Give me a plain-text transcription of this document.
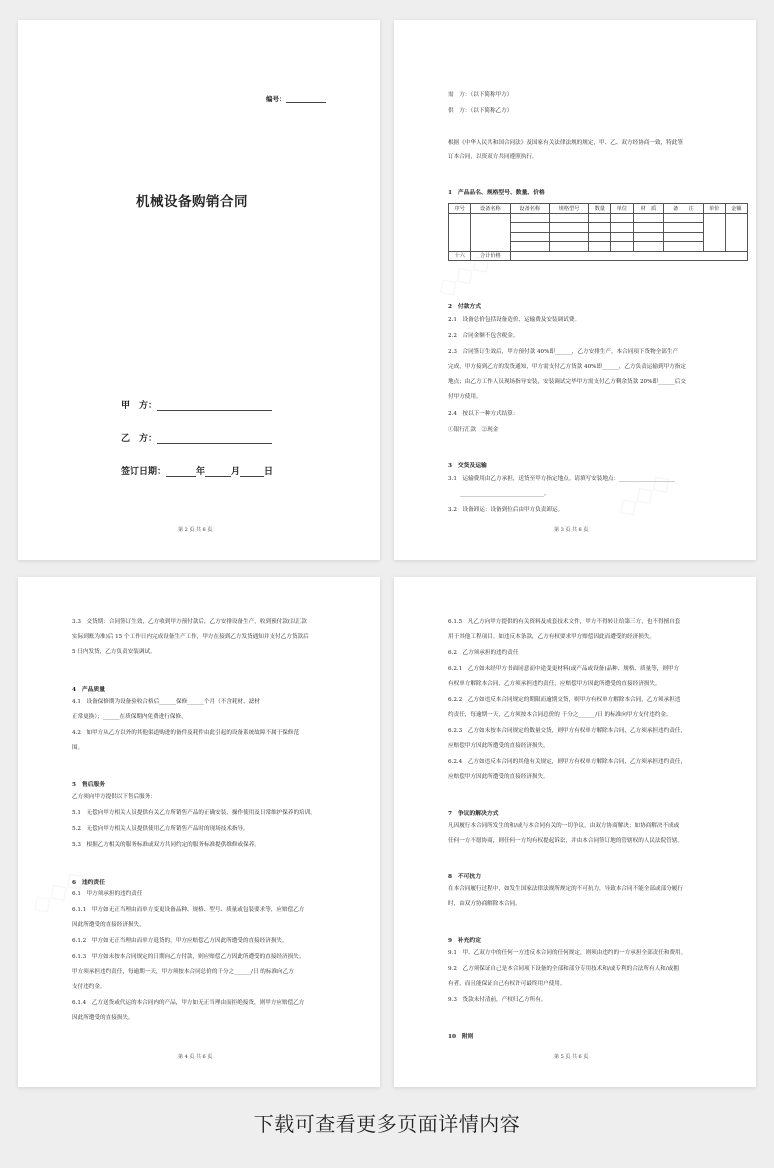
编号：
机械设备购销合同
甲　方：
乙　方：
签订日期：	年	月	日
第 2 页 共 6 页
需　方：（以下简称甲方）
供　方：（以下简称乙方）
根据《中华人民共和国合同法》及国家有关法律法规的规定，甲、乙、双方经协商一致，特此签
订本合同，以资双方共同遵照执行。
1　产品品名、规格型号、数量、价格
序号	设备名称	设备名称	规格型号	数量	单位	材　质	备　　注	单价	金额

十六	合计价格								
2　付款方式
2.1　设备总价包括设备造价、运输费及安装调试费。
2.2　合同金额不包含税金。
2.3　合同签订生效后，甲方预付款 40%即______，乙方安排生产，本合同项下货物全部生产
完成，甲方接到乙方的发货通知，甲方需支付乙方货款 40%即______，乙方负责运输到甲方指定
地点；由乙方工作人员现场指导安装，安装调试完毕甲方需支付乙方剩余货款 20%即______后交
付甲方使用。
2.4　按以下一种方式结算：
①银行汇款　②现金
3　交货及运输
3.1　运输费用由乙方承担，送货至甲方指定地点。请填写安装地点：____________________
______________________________。
3.2　设备卸运：设备到位后由甲方负责卸运。
第 3 页 共 6 页
3.3　交货期：合同签订生效，乙方收到甲方预付款后，乙方安排设备生产，收到预付款(以汇款
实际到账为准)后 15 个工作日内完成设备生产工作，甲方在接到乙方发货通知并支付乙方货款后
5 日内发货，乙方负责安装调试。
4　产品质量
4.1　设备保修期为设备验收合格后______保修______个月（不含耗材、滤材
正常更换）；______在质保期内免费进行保修。
4.2　如甲方从乙方以外的其他渠道购进的备件及耗件由此引起的设备系统故障不属于保修范
围。
5　售后服务
乙方须向甲方提供以下售后服务：
5.1　无偿向甲方相关人员提供有关乙方所销售产品的正确安装、操作使用及日常维护保养的培训。
5.2　无偿向甲方相关人员提供使用乙方所销售产品时的现场技术指导。
5.3　根据乙方相关的服务标准或双方共同约定的服务标准提供维修或保养。
6　违约责任
6.1　甲方须承担的违约责任
6.1.1　甲方如无正当理由而单方变更设备品种、规格、型号、质量或包装要求等，应赔偿乙方
因此所遭受的直接经济损失。
6.1.2　甲方如无正当理由而单方退货的，甲方应赔偿乙方因此所遭受的直接经济损失。
6.1.3　甲方如未按本合同规定的日期向乙方付款，则应赔偿乙方因此所遭受的直接经济损失；
甲方须承担违约责任，每逾期一天，甲方须按本合同总价的千分之______/日 的标准向乙方
支付违约金。
6.1.4　乙方送货或代运的本合同内的产品，甲方如无正当理由而拒绝接货，则甲方应赔偿乙方
因此所遭受的直接损失。
第 4 页 共 6 页
6.1.5　凡乙方向甲方提供的有关资料及成套技术文件，甲方不得转让给第三方，也不得擅自套
用于其他工程项目。如违反本条款，乙方有权要求甲方赔偿因此而遭受的经济损失。
6.2　乙方须承担的违约责任
6.2.1　乙方如未经甲方书面同意而中途变更材料(或产品或设备)品种、规格、质量等，则甲方
有权单方解除本合同，乙方须承担违约责任，应赔偿甲方因此所遭受的直接经济损失。
6.2.2　乙方如违反本合同规定的期限而逾期交货，则甲方有权单方解除本合同，乙方须承担违
约责任，每逾期一天，乙方须按本合同总价的 千分之______/日 的标准向甲方支付违约金。
6.2.3　乙方如未按本合同规定的数量交货，则甲方有权单方解除本合同，乙方须承担违约责任，
应赔偿甲方因此所遭受的直接经济损失。
6.2.4　乙方如违反本合同的其他有关规定，则甲方有权单方解除本合同，乙方须承担违约责任，
应赔偿甲方因此所遭受的直接经济损失。
7　争议的解决方式
凡因履行本合同所发生的和/或与本合同有关的一切争议，由双方协商解决；如协商解决不成或
任何一方不愿协商，则任何一方均有权提起诉讼，并由本合同签订地的管辖权的人民法院管辖。
8　不可抗力
在本合同履行过程中，如发生国家法律法规所规定的不可抗力，导致本合同不能全部或部分履行
时，由双方协商解除本合同。
9　补充约定
9.1　甲、乙双方中的任何一方违反本合同的任何规定，则须由违约的一方承担全部责任和费用。
9.2　乙方须保证自己是本合同项下设备的全部和部分专用技术和/或专利的合法所有人和/或拥
有者，而且能保证自己有权许可最终用户使用。
9.3　货款未付清前，产权归乙方所有。
10　附则
第 5 页 共 6 页
下载可查看更多页面详情内容
